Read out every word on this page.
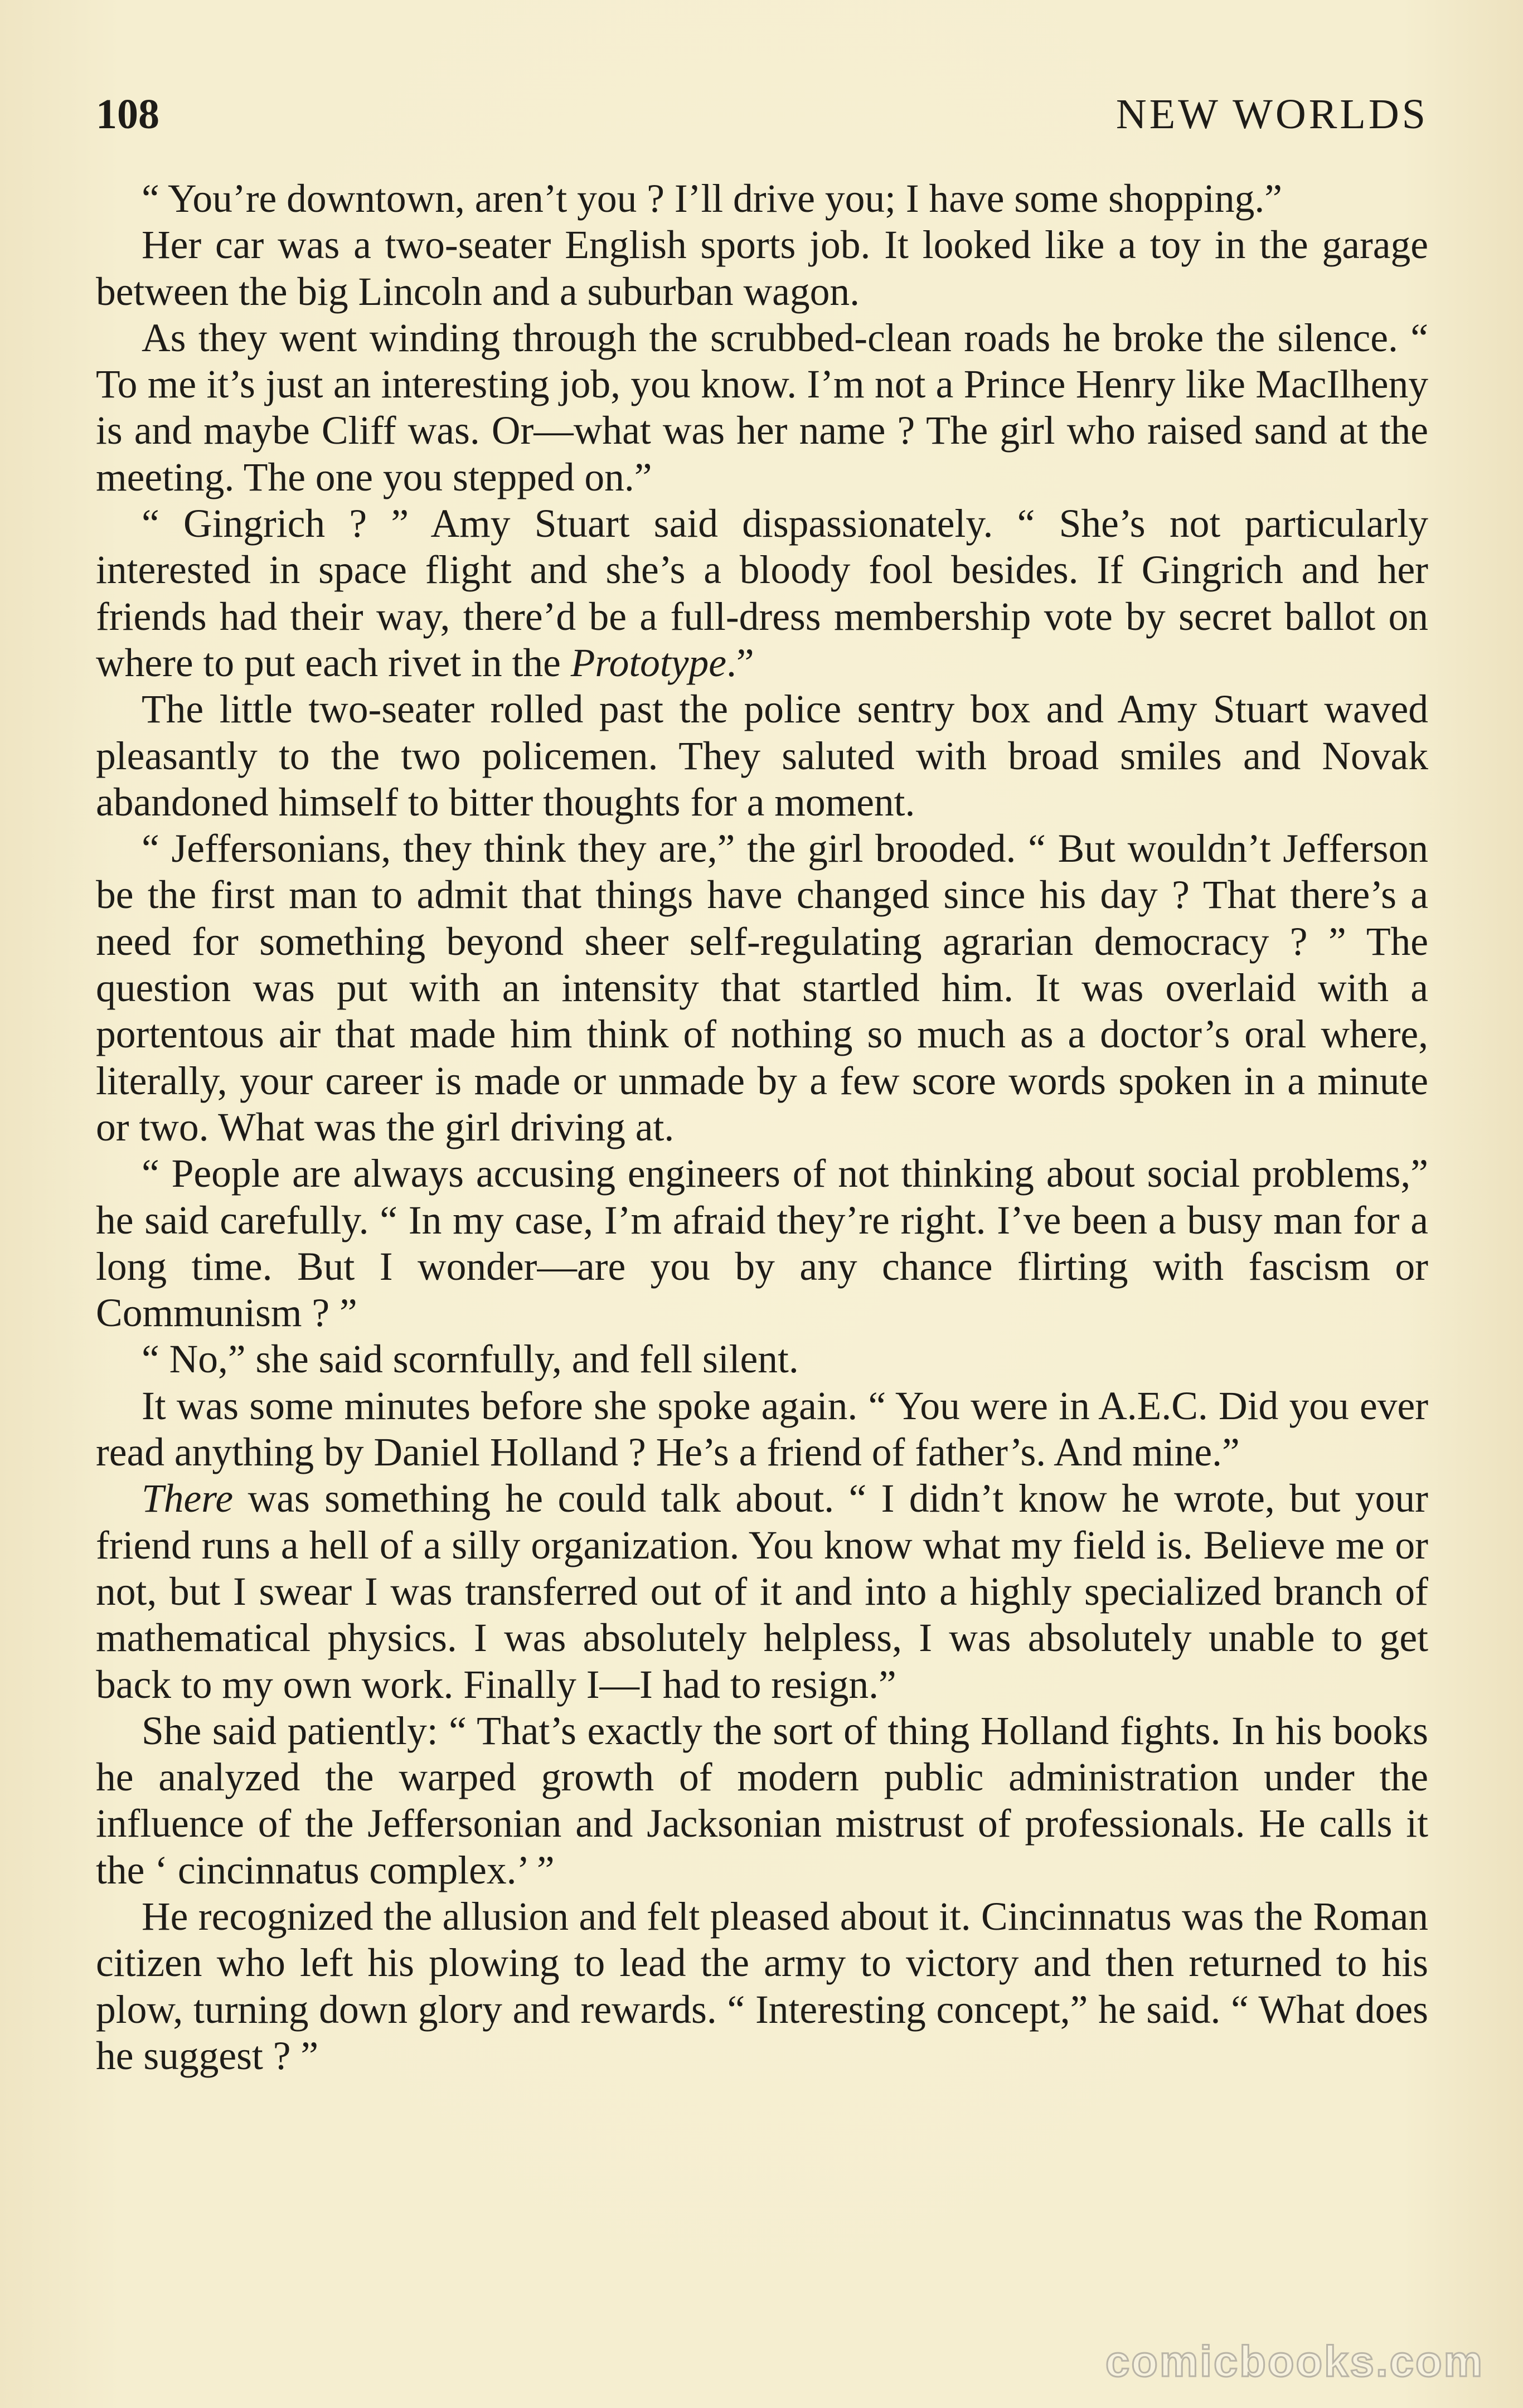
108	NEW WORLDS

“ You’re downtown, aren’t you ? I’ll drive you; I have some shopping.”

Her car was a two-seater English sports job. It looked like a toy in the garage between the big Lincoln and a suburban wagon.

As they went winding through the scrubbed-clean roads he broke the silence. “ To me it’s just an interesting job, you know. I’m not a Prince Henry like MacIlheny is and maybe Cliff was. Or—what was her name ? The girl who raised sand at the meeting. The one you stepped on.”

“ Gingrich ? ” Amy Stuart said dispassionately. “ She’s not particularly interested in space flight and she’s a bloody fool besides. If Gingrich and her friends had their way, there’d be a full-dress membership vote by secret ballot on where to put each rivet in the Prototype.”

The little two-seater rolled past the police sentry box and Amy Stuart waved pleasantly to the two policemen. They saluted with broad smiles and Novak abandoned himself to bitter thoughts for a moment.

“ Jeffersonians, they think they are,” the girl brooded. “ But wouldn’t Jefferson be the first man to admit that things have changed since his day ? That there’s a need for something beyond sheer self-regulating agrarian democracy ? ” The question was put with an intensity that startled him. It was overlaid with a portentous air that made him think of nothing so much as a doctor’s oral where, literally, your career is made or unmade by a few score words spoken in a minute or two. What was the girl driving at.

“ People are always accusing engineers of not thinking about social problems,” he said carefully. “ In my case, I’m afraid they’re right. I’ve been a busy man for a long time. But I wonder—are you by any chance flirting with fascism or Communism ? ”

“ No,” she said scornfully, and fell silent.

It was some minutes before she spoke again. “ You were in A.E.C. Did you ever read anything by Daniel Holland ? He’s a friend of father’s. And mine.”

There was something he could talk about. “ I didn’t know he wrote, but your friend runs a hell of a silly organization. You know what my field is. Believe me or not, but I swear I was transferred out of it and into a highly specialized branch of mathematical physics. I was absolutely helpless, I was absolutely unable to get back to my own work. Finally I—I had to resign.”

She said patiently: “ That’s exactly the sort of thing Holland fights. In his books he analyzed the warped growth of modern public administration under the influence of the Jeffersonian and Jacksonian mistrust of professionals. He calls it the ‘ cincinnatus complex.’ ”

He recognized the allusion and felt pleased about it. Cincinnatus was the Roman citizen who left his plowing to lead the army to victory and then returned to his plow, turning down glory and rewards. “ Interesting concept,” he said. “ What does he suggest ? ”

comicbooks.com
